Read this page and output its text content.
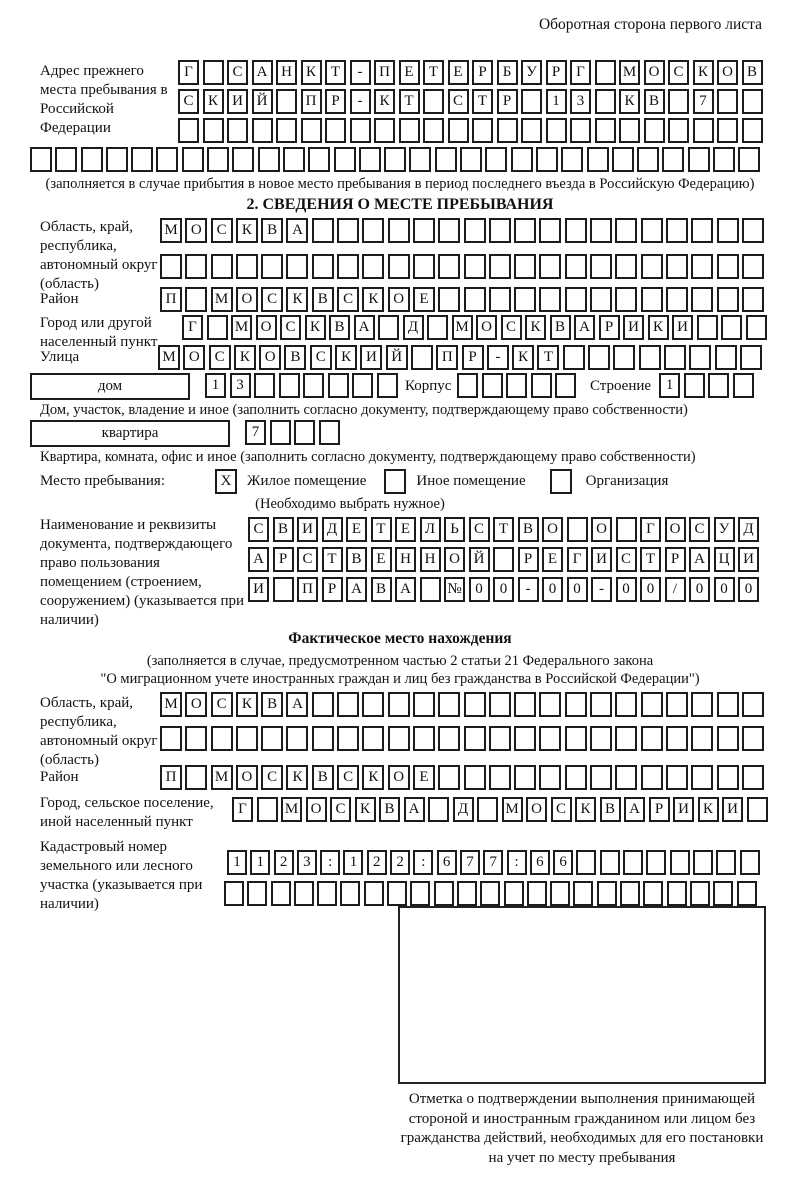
Оборотная сторона первого листа
Адрес прежнего места пребывания в Российской Федерации
Г	С А Н К Т	-	П Е	Т	Е	Р	Б У	Р	Г	М О С К О В
С К И Й	П Р	-	К Т	С Т	Р	1	3	К В	7
(заполняется в случае прибытия в новое место пребывания в период последнего въезда в Российскую Федерацию)
2. СВЕДЕНИЯ О МЕСТЕ ПРЕБЫВАНИЯ
Область, край, республика, автономный округ (область)
М О С	К	В А
Район	П	М О С	К	В	С	К О	Е
Город или другой населенный пункт
Г	М О С К В А	Д	М О С К В А Р И К И
Улица	М О С	К О В	С	К И Й	П	Р	-	К	Т
дом	1	3	Корпус	Строение 1
Дом, участок, владение и иное (заполнить согласно документу, подтверждающему право собственности)
квартира	7
Квартира, комната, офис и иное (заполнить согласно документу, подтверждающему право собственности)
Место пребывания:	X	Жилое помещение	Иное помещение	Организация
(Необходимо выбрать нужное)
Наименование и реквизиты документа, подтверждающего право пользования помещением (строением, сооружением) (указывается при наличии)
С В И Д Е	Т	Е Л	Ь	С Т В О	О	Г О С У Д
А Р	С Т В Е Н Н О Й	Р	Е	Г И С Т	Р А Ц И
И	П Р А В А	№ 0	0	-	0	0	-	0	0	/	0	0	0
Фактическое место нахождения
(заполняется в случае, предусмотренном частью 2 статьи 21 Федерального закона
"О миграционном учете иностранных граждан и лиц без гражданства в Российской Федерации")
Область, край, республика, автономный округ (область)
М О С	К	В А
Район	П	М О С	К	В	С	К О	Е
Город, сельское поселение, иной населенный пункт
Г	М О С К В А	Д	М О С К В А Р И К И
Кадастровый номер земельного или лесного участка (указывается при наличии)
1	1	2	3	:	1	2	2	:	6	7	7	:	6	6
Отметка о подтверждении выполнения принимающей стороной и иностранным гражданином или лицом без гражданства действий, необходимых для его постановки на учет по месту пребывания
